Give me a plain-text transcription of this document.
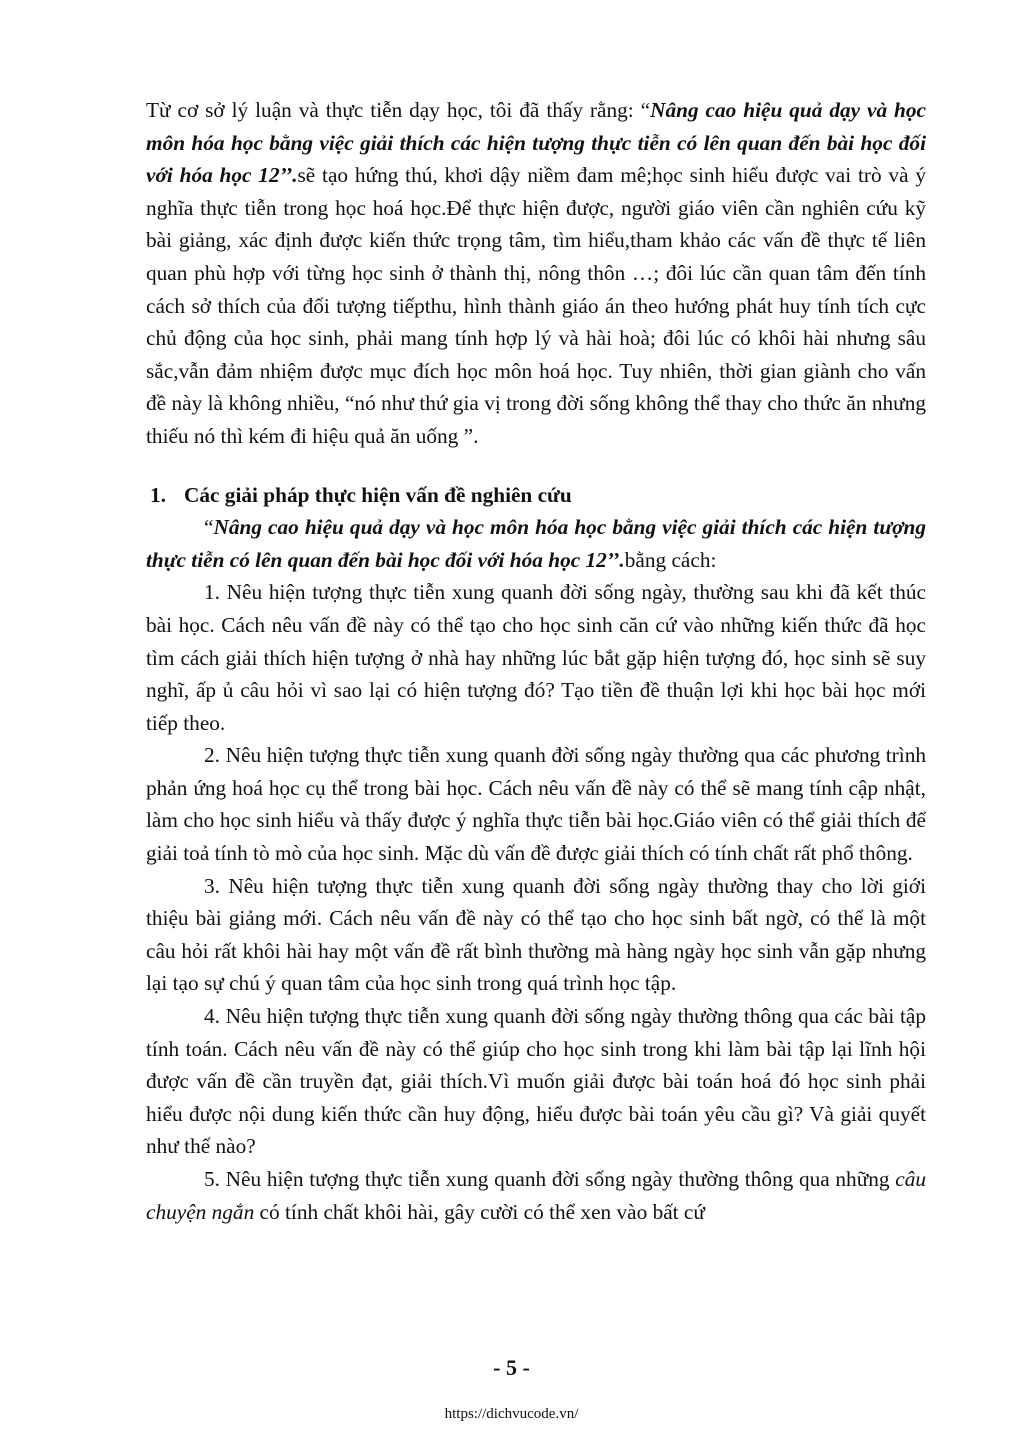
Từ cơ sở lý luận và thực tiễn dạy học, tôi đã thấy rằng: “Nâng cao hiệu quả dạy và học môn hóa học bằng việc giải thích các hiện tượng thực tiễn có lên quan đến bài học đối với hóa học 12’’.sẽ tạo hứng thú, khơi dậy niềm đam mê;học sinh hiểu được vai trò và ý nghĩa thực tiễn trong học hoá học.Để thực hiện được, người giáo viên cần nghiên cứu kỹ bài giảng, xác định được kiến thức trọng tâm, tìm hiểu,tham khảo các vấn đề thực tế liên quan phù hợp với từng học sinh ở thành thị, nông thôn …; đôi lúc cần quan tâm đến tính cách sở thích của đối tượng tiếpthu, hình thành giáo án theo hướng phát huy tính tích cực chủ động của học sinh, phải mang tính hợp lý và hài hoà; đôi lúc có khôi hài nhưng sâu sắc,vẫn đảm nhiệm được mục đích học môn hoá học. Tuy nhiên, thời gian giành cho vấn đề này là không nhiều, “nó như thứ gia vị trong đời sống không thể thay cho thức ăn nhưng thiếu nó thì kém đi hiệu quả ăn uống ”.

1. Các giải pháp thực hiện vấn đề nghiên cứu

“Nâng cao hiệu quả dạy và học môn hóa học bằng việc giải thích các hiện tượng thực tiễn có lên quan đến bài học đối với hóa học 12’’.bằng cách:

1. Nêu hiện tượng thực tiễn xung quanh đời sống ngày, thường sau khi đã kết thúc bài học. Cách nêu vấn đề này có thể tạo cho học sinh căn cứ vào những kiến thức đã học tìm cách giải thích hiện tượng ở nhà hay những lúc bắt gặp hiện tượng đó, học sinh sẽ suy nghĩ, ấp ủ câu hỏi vì sao lại có hiện tượng đó? Tạo tiền đề thuận lợi khi học bài học mới tiếp theo.

2. Nêu hiện tượng thực tiễn xung quanh đời sống ngày thường qua các phương trình phản ứng hoá học cụ thể trong bài học. Cách nêu vấn đề này có thể sẽ mang tính cập nhật, làm cho học sinh hiểu và thấy được ý nghĩa thực tiễn bài học.Giáo viên có thể giải thích để giải toả tính tò mò của học sinh. Mặc dù vấn đề được giải thích có tính chất rất phổ thông.

3. Nêu hiện tượng thực tiễn xung quanh đời sống ngày thường thay cho lời giới thiệu bài giảng mới. Cách nêu vấn đề này có thể tạo cho học sinh bất ngờ, có thể là một câu hỏi rất khôi hài hay một vấn đề rất bình thường mà hàng ngày học sinh vẫn gặp nhưng lại tạo sự chú ý quan tâm của học sinh trong quá trình học tập.

4. Nêu hiện tượng thực tiễn xung quanh đời sống ngày thường thông qua các bài tập tính toán. Cách nêu vấn đề này có thể giúp cho học sinh trong khi làm bài tập lại lĩnh hội được vấn đề cần truyền đạt, giải thích.Vì muốn giải được bài toán hoá đó học sinh phải hiểu được nội dung kiến thức cần huy động, hiểu được bài toán yêu cầu gì? Và giải quyết như thế nào?

5. Nêu hiện tượng thực tiễn xung quanh đời sống ngày thường thông qua những câu chuyện ngắn có tính chất khôi hài, gây cười có thể xen vào bất cứ

- 5 -
https://dichvucode.vn/
